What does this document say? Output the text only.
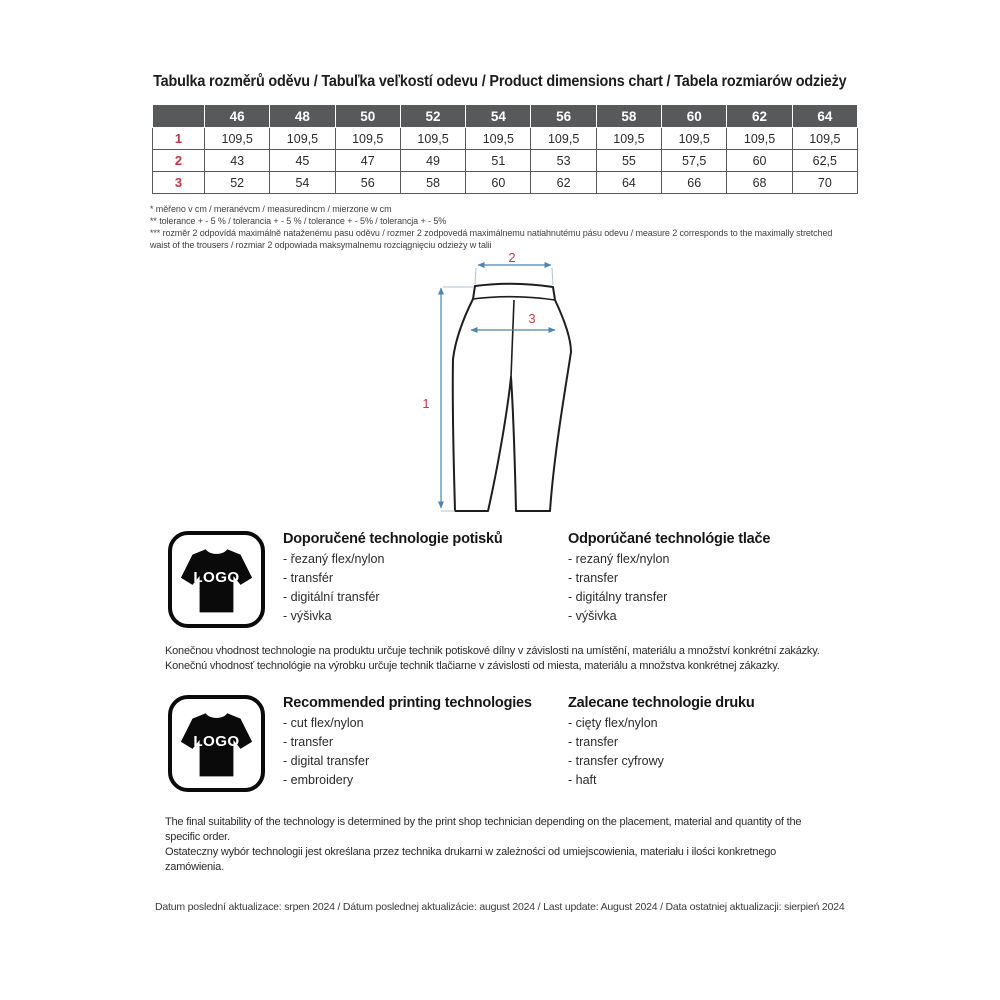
Tabulka rozměrů oděvu / Tabuľka veľkostí odevu / Product dimensions chart / Tabela rozmiarów odzieży
	46	48	50	52	54	56	58	60	62	64
1	109,5	109,5	109,5	109,5	109,5	109,5	109,5	109,5	109,5	109,5
2	43	45	47	49	51	53	55	57,5	60	62,5
3	52	54	56	58	60	62	64	66	68	70
* měřeno v cm / meranévcm / measuredincm / mierzone w cm
** tolerance + - 5 % / tolerancia + - 5 % / tolerance + - 5% / tolerancja + - 5%
*** rozměr 2 odpovídá maximálně nataženému pasu oděvu / rozmer 2 zodpovedá maximálnemu natiahnutému pásu odevu / measure 2 corresponds to the maximally stretched
waist of the trousers / rozmiar 2 odpowiada maksymalnemu rozciągnięciu odzieży w talii
2
3
1
LOGO
Doporučené technologie potisků
- řezaný flex/nylon
- transfér
- digitální transfér
- výšivka
Odporúčané technológie tlače
- rezaný flex/nylon
- transfer
- digitálny transfer
- výšivka
Konečnou vhodnost technologie na produktu určuje technik potiskové dílny v závislosti na umístění, materiálu a množství konkrétní zakázky.
Konečnú vhodnosť technológie na výrobku určuje technik tlačiarne v závislosti od miesta, materiálu a množstva konkrétnej zákazky.
LOGO
Recommended printing technologies
- cut flex/nylon
- transfer
- digital transfer
- embroidery
Zalecane technologie druku
- cięty flex/nylon
- transfer
- transfer cyfrowy
- haft
The final suitability of the technology is determined by the print shop technician depending on the placement, material and quantity of the
specific order.
Ostateczny wybór technologii jest określana przez technika drukarni w zależności od umiejscowienia, materiału i ilości konkretnego
zamówienia.
Datum poslední aktualizace: srpen 2024 / Dátum poslednej aktualizácie: august 2024 / Last update: August 2024 / Data ostatniej aktualizacji: sierpień 2024
